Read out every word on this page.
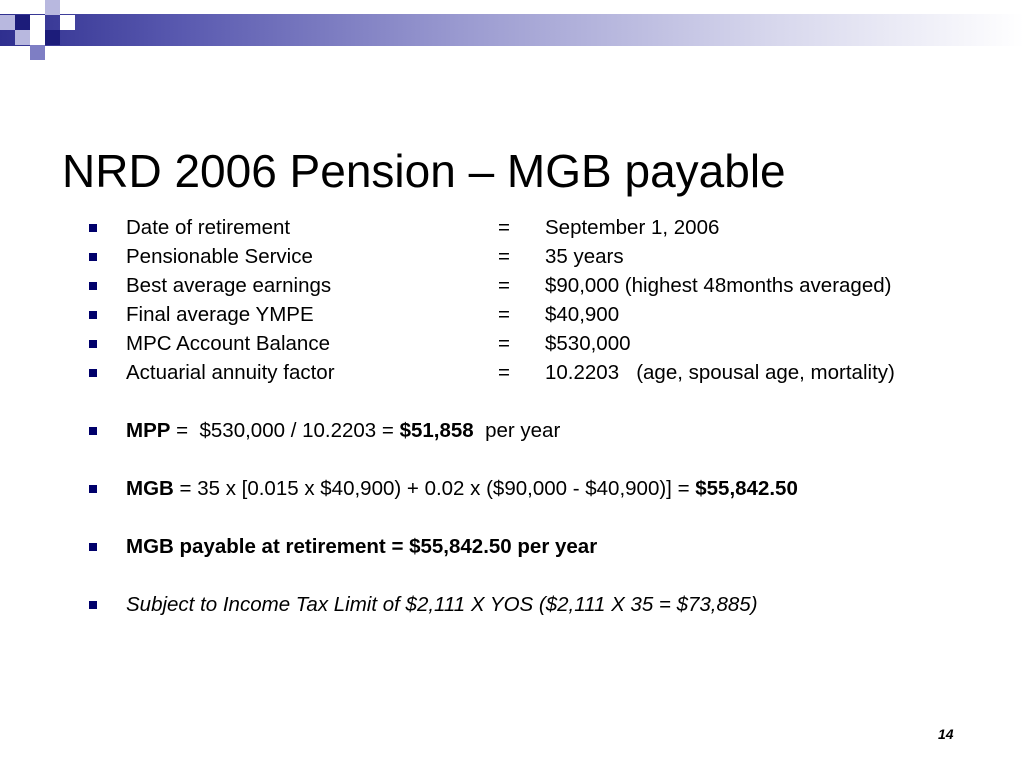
NRD 2006 Pension – MGB payable
Date of retirement	= September 1, 2006
Pensionable Service	= 35 years
Best average earnings	= $90,000 (highest 48months averaged)
Final average YMPE	= $40,900
MPC Account Balance	= $530,000
Actuarial annuity factor	= 10.2203   (age, spousal age, mortality)
MPP =  $530,000 / 10.2203 = $51,858  per year
MGB = 35 x [0.015 x $40,900) + 0.02 x ($90,000 - $40,900)] = $55,842.50
MGB payable at retirement = $55,842.50 per year
Subject to Income Tax Limit of $2,111 X YOS ($2,111 X 35 = $73,885)
14
